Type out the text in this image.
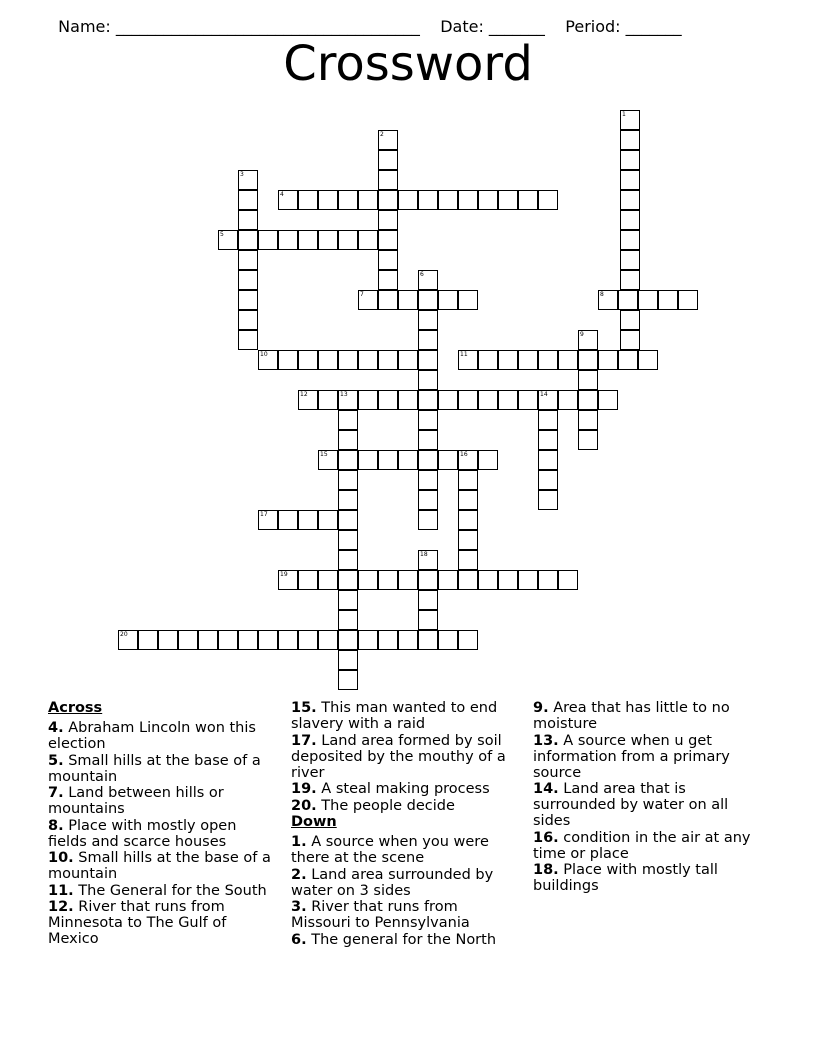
Name: ______________________________________ Date: _______ Period: _______

Crossword
1
2
3
4
5
6
7	8
9
10	11
12	13	14
15	16
17
18
19
20
Across
4. Abraham Lincoln won this election
5. Small hills at the base of a mountain
7. Land between hills or mountains
8. Place with mostly open fields and scarce houses
10. Small hills at the base of a mountain
11. The General for the South
12. River that runs from Minnesota to The Gulf of Mexico
15. This man wanted to end slavery with a raid
17. Land area formed by soil deposited by the mouthy of a river
19. A steal making process
20. The people decide
Down
1. A source when you were there at the scene
2. Land area surrounded by water on 3 sides
3. River that runs from Missouri to Pennsylvania
6. The general for the North
9. Area that has little to no moisture
13. A source when u get information from a primary source
14. Land area that is surrounded by water on all sides
16. condition in the air at any time or place
18. Place with mostly tall buildings
